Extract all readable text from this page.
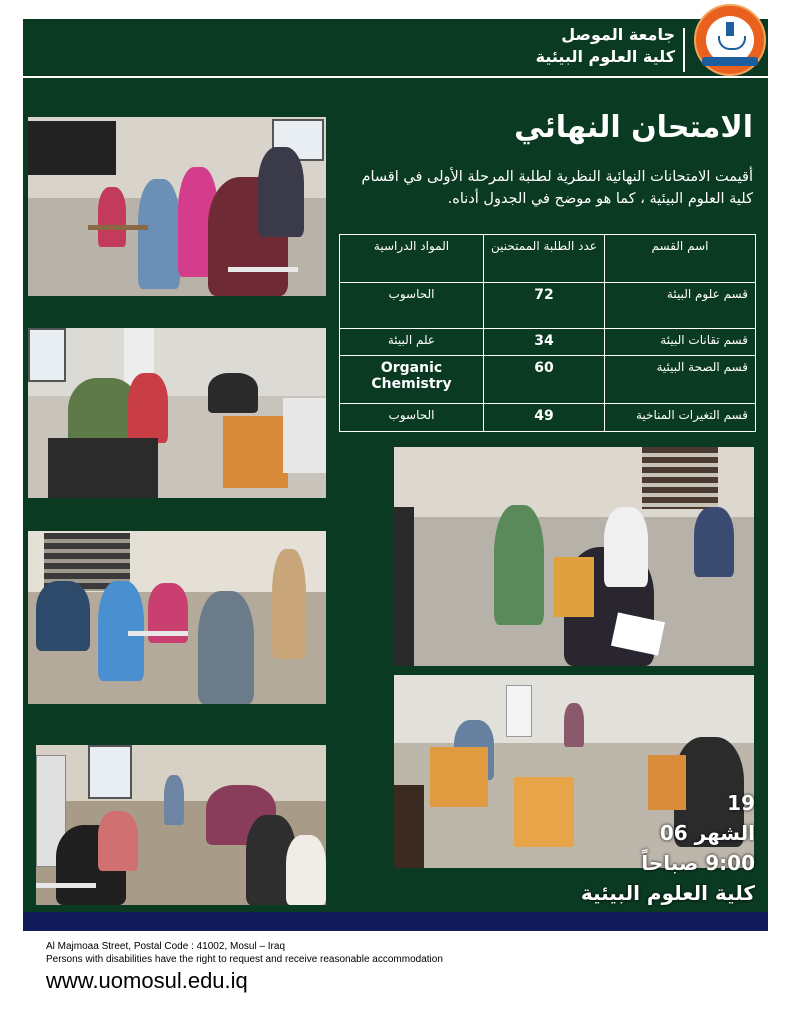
جامعة الموصل
كلية العلوم البيئية
الامتحان النهائي
أقيمت الامتحانات النهائية النظرية لطلبة المرحلة الأولى في اقسام كلية العلوم البيئية ، كما هو موضح في الجدول أدناه.
اسم القسم	عدد الطلبة الممتحنين	المواد الدراسية
قسم علوم البيئة	72	الحاسوب
قسم تقانات البيئة	34	علم البيئة
قسم الصحة البيئية	60	Organic Chemistry
قسم التغيرات المناخية	49	الحاسوب
19
الشهر 06
9:00 صباحاً
كلية العلوم البيئية
Al Majmoaa Street, Postal Code : 41002, Mosul – Iraq
Persons with disabilities have the right to request and receive reasonable accommodation
www.uomosul.edu.iq
